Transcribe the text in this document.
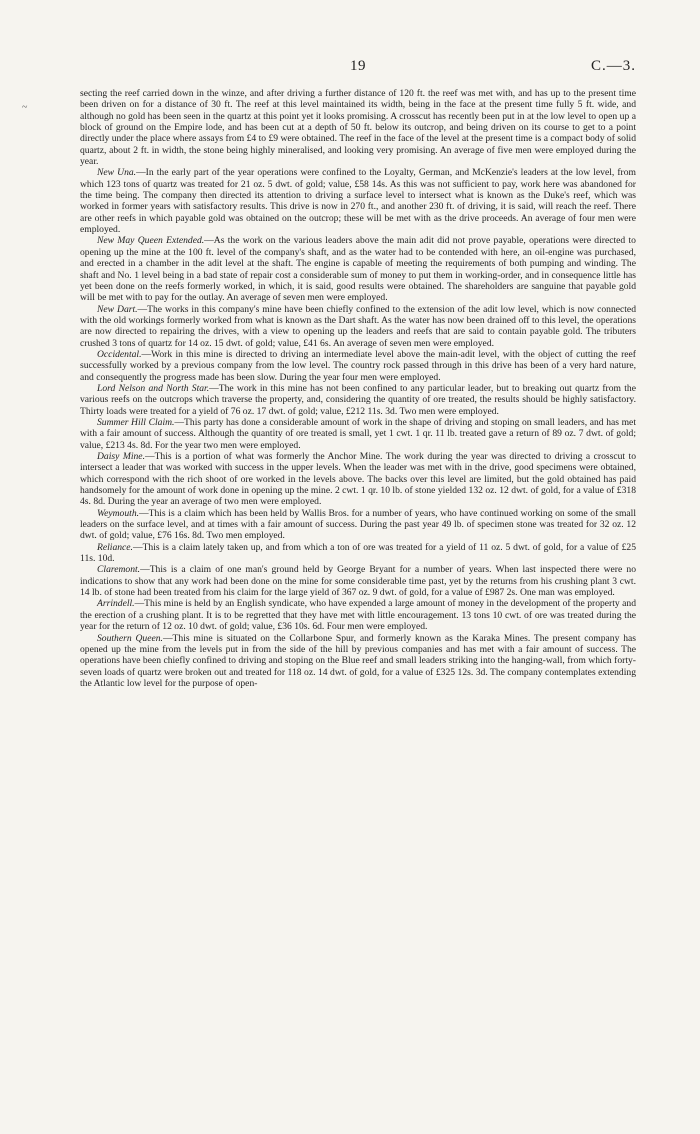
19	C.—3.
~

secting the reef carried down in the winze, and after driving a further distance of 120 ft. the reef was met with, and has up to the present time been driven on for a distance of 30 ft. The reef at this level maintained its width, being in the face at the present time fully 5 ft. wide, and although no gold has been seen in the quartz at this point yet it looks promising. A crosscut has recently been put in at the low level to open up a block of ground on the Empire lode, and has been cut at a depth of 50 ft. below its outcrop, and being driven on its course to get to a point directly under the place where assays from £4 to £9 were obtained. The reef in the face of the level at the present time is a compact body of solid quartz, about 2 ft. in width, the stone being highly mineralised, and looking very promising. An average of five men were employed during the year.

New Una.—In the early part of the year operations were confined to the Loyalty, German, and McKenzie's leaders at the low level, from which 123 tons of quartz was treated for 21 oz. 5 dwt. of gold; value, £58 14s. As this was not sufficient to pay, work here was abandoned for the time being. The company then directed its attention to driving a surface level to intersect what is known as the Duke's reef, which was worked in former years with satisfactory results. This drive is now in 270 ft., and another 230 ft. of driving, it is said, will reach the reef. There are other reefs in which payable gold was obtained on the outcrop; these will be met with as the drive proceeds. An average of four men were employed.

New May Queen Extended.—As the work on the various leaders above the main adit did not prove payable, operations were directed to opening up the mine at the 100 ft. level of the company's shaft, and as the water had to be contended with here, an oil-engine was purchased, and erected in a chamber in the adit level at the shaft. The engine is capable of meeting the requirements of both pumping and winding. The shaft and No. 1 level being in a bad state of repair cost a considerable sum of money to put them in working-order, and in consequence little has yet been done on the reefs formerly worked, in which, it is said, good results were obtained. The shareholders are sanguine that payable gold will be met with to pay for the outlay. An average of seven men were employed.

New Dart.—The works in this company's mine have been chiefly confined to the extension of the adit low level, which is now connected with the old workings formerly worked from what is known as the Dart shaft. As the water has now been drained off to this level, the operations are now directed to repairing the drives, with a view to opening up the leaders and reefs that are said to contain payable gold. The tributers crushed 3 tons of quartz for 14 oz. 15 dwt. of gold; value, £41 6s. An average of seven men were employed.

Occidental.—Work in this mine is directed to driving an intermediate level above the main-adit level, with the object of cutting the reef successfully worked by a previous company from the low level. The country rock passed through in this drive has been of a very hard nature, and consequently the progress made has been slow. During the year four men were employed.

Lord Nelson and North Star.—The work in this mine has not been confined to any particular leader, but to breaking out quartz from the various reefs on the outcrops which traverse the property, and, considering the quantity of ore treated, the results should be highly satisfactory. Thirty loads were treated for a yield of 76 oz. 17 dwt. of gold; value, £212 11s. 3d. Two men were employed.

Summer Hill Claim.—This party has done a considerable amount of work in the shape of driving and stoping on small leaders, and has met with a fair amount of success. Although the quantity of ore treated is small, yet 1 cwt. 1 qr. 11 lb. treated gave a return of 89 oz. 7 dwt. of gold; value, £213 4s. 8d. For the year two men were employed.

Daisy Mine.—This is a portion of what was formerly the Anchor Mine. The work during the year was directed to driving a crosscut to intersect a leader that was worked with success in the upper levels. When the leader was met with in the drive, good specimens were obtained, which correspond with the rich shoot of ore worked in the levels above. The backs over this level are limited, but the gold obtained has paid handsomely for the amount of work done in opening up the mine. 2 cwt. 1 qr. 10 lb. of stone yielded 132 oz. 12 dwt. of gold, for a value of £318 4s. 8d. During the year an average of two men were employed.

Weymouth.—This is a claim which has been held by Wallis Bros. for a number of years, who have continued working on some of the small leaders on the surface level, and at times with a fair amount of success. During the past year 49 lb. of specimen stone was treated for 32 oz. 12 dwt. of gold; value, £76 16s. 8d. Two men employed.

Reliance.—This is a claim lately taken up, and from which a ton of ore was treated for a yield of 11 oz. 5 dwt. of gold, for a value of £25 11s. 10d.

Claremont.—This is a claim of one man's ground held by George Bryant for a number of years. When last inspected there were no indications to show that any work had been done on the mine for some considerable time past, yet by the returns from his crushing plant 3 cwt. 14 lb. of stone had been treated from his claim for the large yield of 367 oz. 9 dwt. of gold, for a value of £987 2s. One man was employed.

Arrindell.—This mine is held by an English syndicate, who have expended a large amount of money in the development of the property and the erection of a crushing plant. It is to be regretted that they have met with little encouragement. 13 tons 10 cwt. of ore was treated during the year for the return of 12 oz. 10 dwt. of gold; value, £36 10s. 6d. Four men were employed.

Southern Queen.—This mine is situated on the Collarbone Spur, and formerly known as the Karaka Mines. The present company has opened up the mine from the levels put in from the side of the hill by previous companies and has met with a fair amount of success. The operations have been chiefly confined to driving and stoping on the Blue reef and small leaders striking into the hanging-wall, from which forty-seven loads of quartz were broken out and treated for 118 oz. 14 dwt. of gold, for a value of £325 12s. 3d. The company contemplates extending the Atlantic low level for the purpose of open-
